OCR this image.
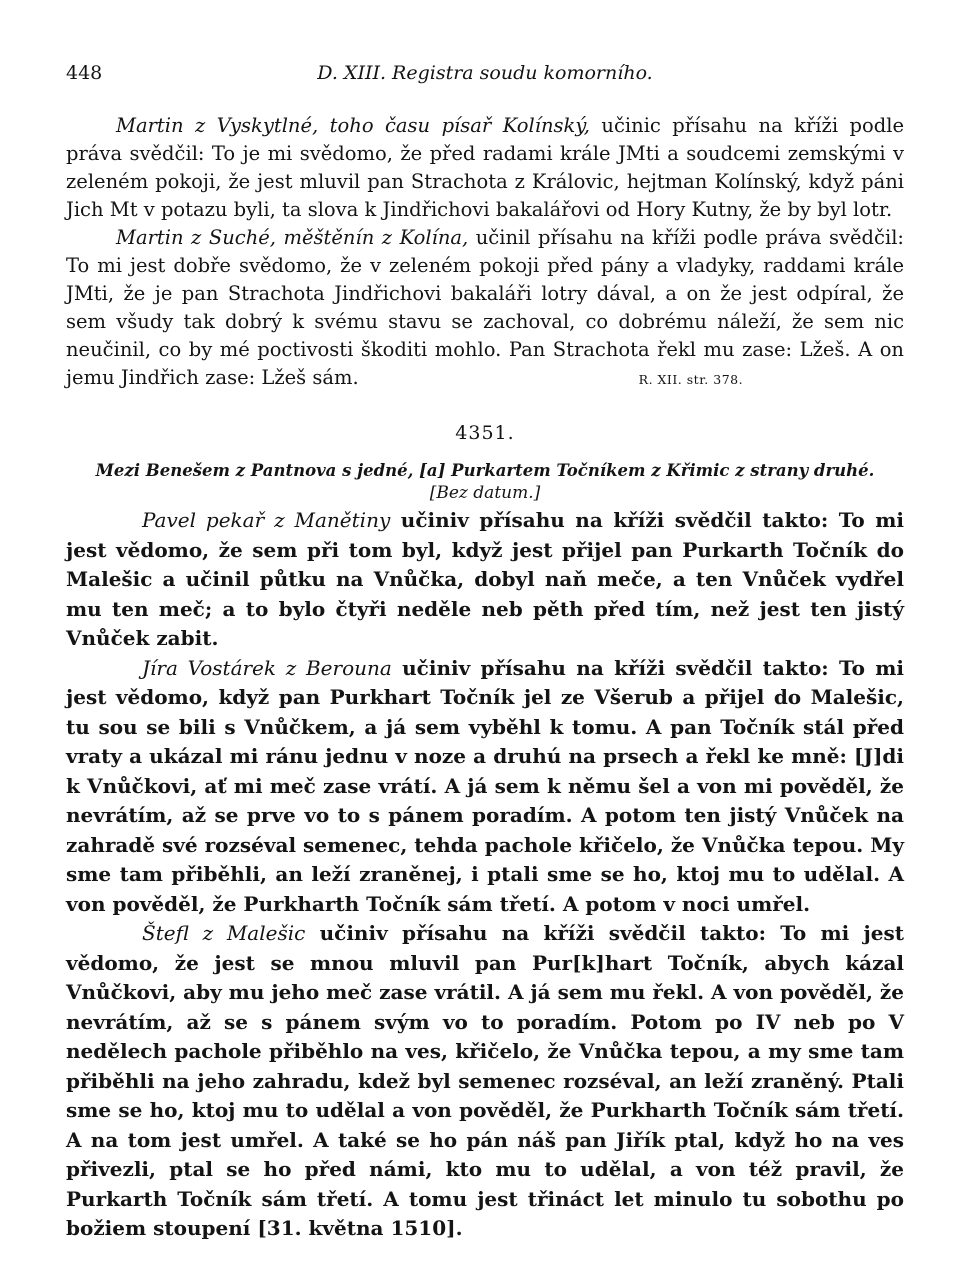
448	D. XIII. Registra soudu komorního.

Martin z Vyskytlné, toho času písař Kolínský, učinic přísahu na kříži podle práva svědčil: To je mi svědomo, že před radami krále JMti a soudcemi zemskými v zeleném pokoji, že jest mluvil pan Strachota z Královic, hejtman Kolínský, když páni Jich Mt v potazu byli, ta slova k Jindřichovi bakalářovi od Hory Kutny, že by byl lotr.

Martin z Suché, měštěnín z Kolína, učinil přísahu na kříži podle práva svědčil: To mi jest dobře svědomo, že v zeleném pokoji před pány a vladyky, raddami krále JMti, že je pan Strachota Jindřichovi bakaláři lotry dával, a on že jest odpíral, že sem všudy tak dobrý k svému stavu se zachoval, co dobrému náleží, že sem nic neučinil, co by mé poctivosti škoditi mohlo. Pan Strachota řekl mu zase: Lžeš. A on jemu Jindřich zase: Lžeš sám.	R. XII. str. 378.

4351.
Mezi Benešem z Pantnova s jedné, [a] Purkartem Točníkem z Křimic z strany druhé.
[Bez datum.]

Pavel pekař z Manětiny učiniv přísahu na kříži svědčil takto: To mi jest vědomo, že sem při tom byl, když jest přijel pan Purkarth Točník do Malešic a učinil půtku na Vnůčka, dobyl naň meče, a ten Vnůček vydřel mu ten meč; a to bylo čtyři neděle neb pěth před tím, než jest ten jistý Vnůček zabit.

Jíra Vostárek z Berouna učiniv přísahu na kříži svědčil takto: To mi jest vědomo, když pan Purkhart Točník jel ze Všerub a přijel do Malešic, tu sou se bili s Vnůčkem, a já sem vyběhl k tomu. A pan Točník stál před vraty a ukázal mi ránu jednu v noze a druhú na prsech a řekl ke mně: [J]di k Vnůčkovi, ať mi meč zase vrátí. A já sem k němu šel a von mi pověděl, že nevrátím, až se prve vo to s pánem poradím. A potom ten jistý Vnůček na zahradě své rozséval semenec, tehda pachole křičelo, že Vnůčka tepou. My sme tam přiběhli, an leží zraněnej, i ptali sme se ho, ktoj mu to udělal. A von pověděl, že Purkharth Točník sám třetí. A potom v noci umřel.

Štefl z Malešic učiniv přísahu na kříži svědčil takto: To mi jest vědomo, že jest se mnou mluvil pan Pur[k]hart Točník, abych kázal Vnůčkovi, aby mu jeho meč zase vrátil. A já sem mu řekl. A von pověděl, že nevrátím, až se s pánem svým vo to poradím. Potom po IV neb po V nedělech pachole přiběhlo na ves, křičelo, že Vnůčka tepou, a my sme tam přiběhli na jeho zahradu, kdež byl semenec rozséval, an leží zraněný. Ptali sme se ho, ktoj mu to udělal a von pověděl, že Purkharth Točník sám třetí. A na tom jest umřel. A také se ho pán náš pan Jiřík ptal, když ho na ves přivezli, ptal se ho před námi, kto mu to udělal, a von též pravil, že Purkarth Točník sám třetí. A tomu jest třináct let minulo tu sobothu po božiem stoupení [31. května 1510].
